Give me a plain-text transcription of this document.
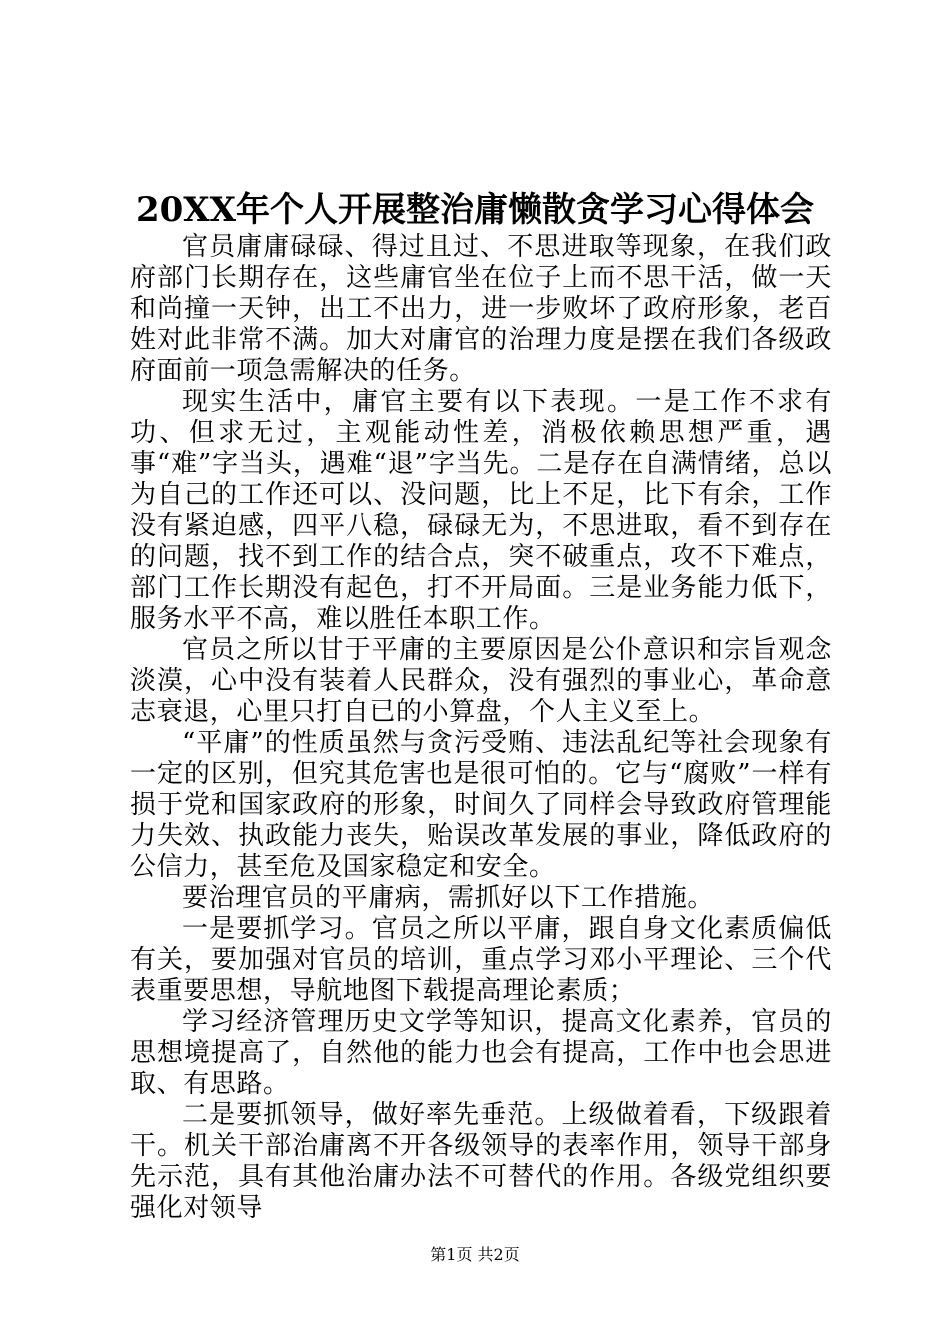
20XX年个人开展整治庸懒散贪学习心得体会

官员庸庸碌碌、得过且过、不思进取等现象，在我们政府部门长期存在，这些庸官坐在位子上而不思干活，做一天和尚撞一天钟，出工不出力，进一步败坏了政府形象，老百姓对此非常不满。加大对庸官的治理力度是摆在我们各级政府面前一项急需解决的任务。

现实生活中，庸官主要有以下表现。一是工作不求有功、但求无过，主观能动性差，消极依赖思想严重，遇事“难”字当头，遇难“退”字当先。二是存在自满情绪，总以为自己的工作还可以、没问题，比上不足，比下有余，工作没有紧迫感，四平八稳，碌碌无为，不思进取，看不到存在的问题，找不到工作的结合点，突不破重点，攻不下难点，部门工作长期没有起色，打不开局面。三是业务能力低下，服务水平不高，难以胜任本职工作。

官员之所以甘于平庸的主要原因是公仆意识和宗旨观念淡漠，心中没有装着人民群众，没有强烈的事业心，革命意志衰退，心里只打自已的小算盘，个人主义至上。

“平庸”的性质虽然与贪污受贿、违法乱纪等社会现象有一定的区别，但究其危害也是很可怕的。它与“腐败”一样有损于党和国家政府的形象，时间久了同样会导致政府管理能力失效、执政能力丧失，贻误改革发展的事业，降低政府的公信力，甚至危及国家稳定和安全。

要治理官员的平庸病，需抓好以下工作措施。

一是要抓学习。官员之所以平庸，跟自身文化素质偏低有关，要加强对官员的培训，重点学习邓小平理论、三个代表重要思想，导航地图下载提高理论素质；

学习经济管理历史文学等知识，提高文化素养，官员的思想境提高了，自然他的能力也会有提高，工作中也会思进取、有思路。

二是要抓领导，做好率先垂范。上级做着看，下级跟着干。机关干部治庸离不开各级领导的表率作用，领导干部身先示范，具有其他治庸办法不可替代的作用。各级党组织要强化对领导

第1页 共2页
